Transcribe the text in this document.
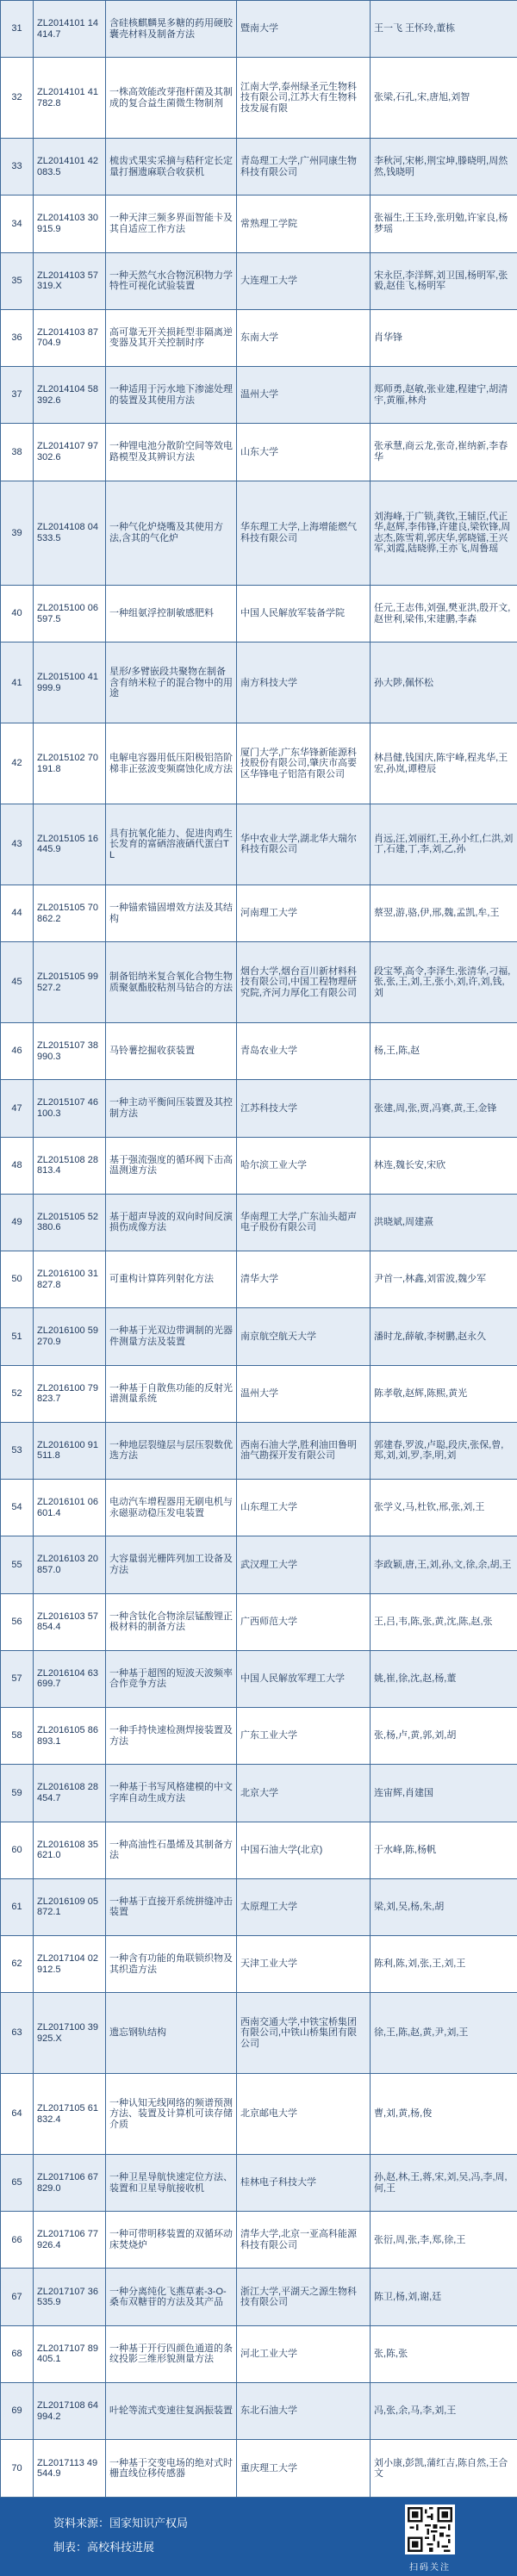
31	ZL2014101 14414.7	含硅核麒麟晃多糖的药用硬胶囊壳材料及制备方法	暨南大学	王一飞 王怀玲,董栋
32	ZL2014101 41782.8	一株高效能改芽孢杆菌及其制成的复合益生菌微生物制剂	江南大学,泰州绿圣元生物科技有限公司,江苏大有生物科技发展有限	张梁,石孔,宋,唐旭,刘智
33	ZL2014101 42083.5	梳齿式果实采摘与秸秆定长定量打捆遗麻联合收获机	青岛理工大学,广州同康生物科技有限公司	李秋河,宋彬,荆宝坤,滕晓明,周然然,钱晓明
34	ZL2014103 30915.9	一种天津三频多界面智能卡及其自适应工作方法	常熟理工学院	张福生,王玉玲,张玥勉,许家良,杨梦瑶
35	ZL2014103 57319.X	一种天然气水合物沉积物力学特性可视化试验装置	大连理工大学	宋永臣,李洋辉,刘卫国,杨明军,张毅,赵佳飞,杨明军
36	ZL2014103 87704.9	高可靠无开关损耗型非隔离逆变器及其开关控制时序	东南大学	肖华锋
37	ZL2014104 58392.6	一种适用于污水地下渗滤处理的装置及其使用方法	温州大学	郑师勇,赵敏,张业建,程建宁,胡清宇,黄雁,林舟
38	ZL2014107 97302.6	一种锂电池分散阶空间等效电路模型及其辨识方法	山东大学	张承慧,商云龙,张奇,崔纳新,李春华
39	ZL2014108 04533.5	一种气化炉烧嘴及其使用方法,含其的气化炉	华东理工大学,上海增能燃气科技有限公司	刘海峰,于广锁,龚钦,王辅臣,代正华,赵辉,李伟锋,许建良,梁钦锋,周志杰,陈雪莉,郭庆华,郭晓镭,王兴军,刘霞,陆晓骅,王亦飞,周鲁瑶
40	ZL2015100 06597.5	一种组氨浮控制敏感肥料	中国人民解放军装备学院	任元,王志伟,刘强,樊亚洪,殷开文,赵世利,梁伟,宋建鹏,李森
41	ZL2015100 41999.9	星形/多臂嵌段共聚物在制备含有纳米粒子的混合物中的用途	南方科技大学	孙大陟,佩怀松
42	ZL2015102 70191.8	电解电容器用低压阳极铝箔阶梯非正弦波变频腐蚀化成方法	厦门大学,广东华锋新能源科技股份有限公司,肇庆市高要区华锋电子铝箔有限公司	林昌健,钱国庆,陈宇峰,程兆华,王宏,孙岚,谭橙辰
43	ZL2015105 16445.9	具有抗氧化能力、促进肉鸡生长发育的富硒溶液硒代蛋白TL	华中农业大学,湖北华大瑞尔科技有限公司	肖远,汪,刘丽红,王,孙小红,仁洪,刘丁,石建,丁,李,刘,乙,孙
44	ZL2015105 70862.2	一种锚索锚固增效方法及其结构	河南理工大学	蔡翌,游,骆,伊,邢,魏,孟凯,牟,王
45	ZL2015105 99527.2	制备铝纳米复合氧化合物生物质聚氨酯胶粘剂马钻合的方法	烟台大学,烟台百川新材料科技有限公司,中国工程物理研究院,齐河力厚化工有限公司	段宝琴,高令,李泽生,张清华,刁福,张,张,王,刘,王,张小,刘,许,刘,钱,刘
46	ZL2015107 38990.3	马铃薯挖掘收获装置	青岛农业大学	杨,王,陈,赵
47	ZL2015107 46100.3	一种主动平衡间压装置及其控制方法	江苏科技大学	张建,周,张,贾,冯赛,黄,王,金锋
48	ZL2015108 28813.4	基于强流强度的循环阀下击高温测速方法	哈尔滨工业大学	林连,魏长安,宋欣
49	ZL2015105 52380.6	基于超声导波的双向时间反演损伤成像方法	华南理工大学,广东汕头超声电子股份有限公司	洪晓斌,周建熹
50	ZL2016100 31827.8	可重构计算阵列射化方法	清华大学	尹首一,林鑫,刘雷波,魏少军
51	ZL2016100 59270.9	一种基于光双边带调制的光器件测量方法及装置	南京航空航天大学	潘时龙,薛敏,李树鹏,赵永久
52	ZL2016100 79823.7	一种基于自散焦功能的反射光谱测量系统	温州大学	陈孝敬,赵辉,陈熙,黄光
53	ZL2016100 91511.8	一种地层裂缝层与层压裂数优选方法	西南石油大学,胜利油田鲁明油气勘探开发有限公司	郭建春,罗波,卢聪,段庆,张保,曾,郑,刘,刘,罗,李,明,刘
54	ZL2016101 06601.4	电动汽车增程器用无刷电机与永磁驱动稳压发电装置	山东理工大学	张学义,马,杜钦,邢,张,刘,王
55	ZL2016103 20857.0	大容量弱光栅阵列加工设备及方法	武汉理工大学	李政颖,唐,王,刘,孙,文,徐,余,胡,王
56	ZL2016103 57854.4	一种含钛化合物涂层锰酸锂正极材料的制备方法	广西师范大学	王,吕,韦,陈,张,黄,沈,陈,赵,张
57	ZL2016104 63699.7	一种基于超图的短波天波频率合作竞争方法	中国人民解放军理工大学	姚,崔,徐,沈,赵,杨,董
58	ZL2016105 86893.1	一种手持快速检测焊接装置及方法	广东工业大学	张,杨,卢,黄,郭,刘,胡
59	ZL2016108 28454.7	一种基于书写风格建模的中文字库自动生成方法	北京大学	连宙辉,肖建国
60	ZL2016108 35621.0	一种高油性石墨烯及其制备方法	中国石油大学(北京)	于水峰,陈,杨帆
61	ZL2016109 05872.1	一种基于直接开系统拼缝冲击装置	太原理工大学	梁,刘,吴,杨,朱,胡
62	ZL2017104 02912.5	一种含有功能的角联锁织物及其织造方法	天津工业大学	陈利,陈,刘,张,王,刘,王
63	ZL2017100 39925.X	遗忘钢轨结构	西南交通大学,中铁宝桥集团有限公司,中铁山桥集团有限公司	徐,王,陈,赵,黄,尹,刘,王
64	ZL2017105 61832.4	一种认知无线网络的频谱预测方法、装置及计算机可读存储介质	北京邮电大学	曹,刘,黄,杨,俊
65	ZL2017106 67829.0	一种卫星导航快速定位方法、装置和卫星导航接收机	桂林电子科技大学	孙,赵,林,王,蒋,宋,刘,吴,冯,李,周,何,王
66	ZL2017106 77926.4	一种可带明移装置的双循环动床焚烧炉	清华大学,北京一亚高科能源科技有限公司	张衍,周,张,李,郑,徐,王
67	ZL2017107 36535.9	一种分离纯化飞燕草素-3-O-桑布双糖苷的方法及其产品	浙江大学,平湖天之源生物科技有限公司	陈卫,杨,刘,谢,廷
68	ZL2017107 89405.1	一种基于开行四颜色通道的条纹投影三维形貌测量方法	河北工业大学	张,陈,张
69	ZL2017108 64994.2	叶轮等流式变速往复涡振装置	东北石油大学	冯,张,余,马,李,刘,王
70	ZL2017113 49544.9	一种基于交变电场的绝对式时栅直线位移传感器	重庆理工大学	刘小康,彭凯,蒲红吉,陈自然,王合文
资料来源：国家知识产权局
制表：高校科技进展
扫码关注
